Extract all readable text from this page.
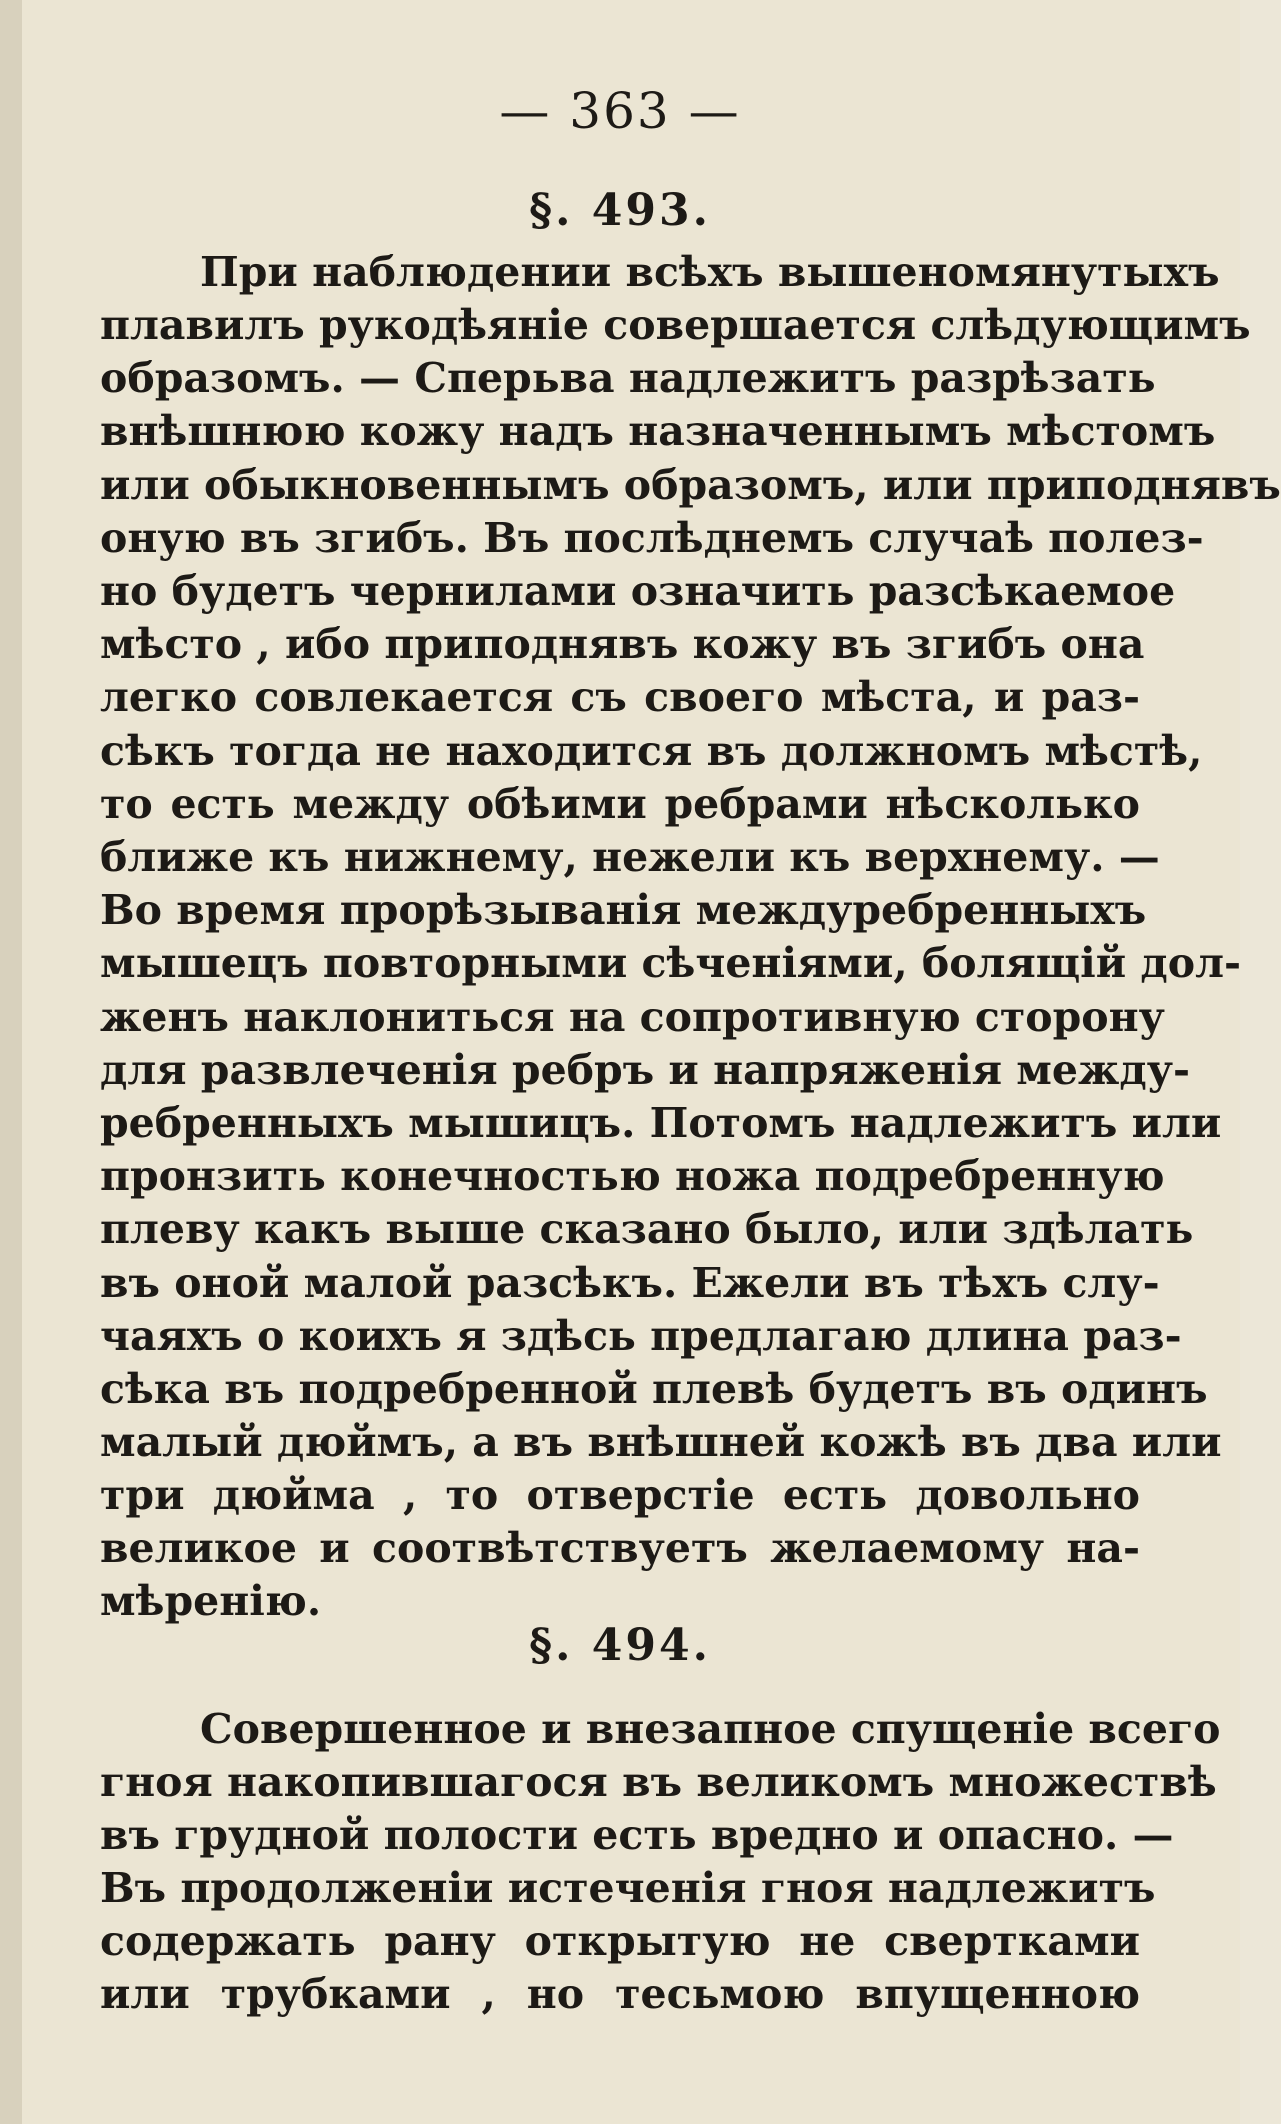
— 363 —
§. 493.

При наблюдении всѣхъ вышеномянутыхъ

плавилъ рукодѣяніе совершается слѣдующимъ

образомъ. — Сперьва надлежитъ разрѣзать

внѣшнюю кожу надъ назначеннымъ мѣстомъ

или обыкновеннымъ образомъ, или приподнявъ

оную въ згибъ. Въ послѣднемъ случаѣ полез-

но будетъ чернилами означить разсѣкаемое

мѣсто , ибо приподнявъ кожу въ згибъ она

легко совлекается съ своего мѣста, и раз-

сѣкъ тогда не находится въ должномъ мѣстѣ,

то есть между обѣими ребрами нѣсколько

ближе къ нижнему, нежели къ верхнему. —

Во время прорѣзыванія междуребренныхъ

мышецъ повторными сѣченіями, болящій дол-

женъ наклониться на сопротивную сторону

для развлеченія ребръ и напряженія между-

ребренныхъ мышицъ. Потомъ надлежитъ или

пронзить конечностью ножа подребренную

плеву какъ выше сказано было, или здѣлать

въ оной малой разсѣкъ. Ежели въ тѣхъ слу-

чаяхъ о коихъ я здѣсь предлагаю длина раз-

сѣка въ подребренной плевѣ будетъ въ одинъ

малый дюймъ, а въ внѣшней кожѣ въ два или

три дюйма , то отверстіе есть довольно

великое и соотвѣтствуетъ желаемому на-

мѣренію.

§. 494.

Совершенное и внезапное спущеніе всего

гноя накопившагося въ великомъ множествѣ

въ грудной полости есть вредно и опасно. —

Въ продолженіи истеченія гноя надлежитъ

содержать рану открытую не свертками

или трубками , но тесьмою впущенною
